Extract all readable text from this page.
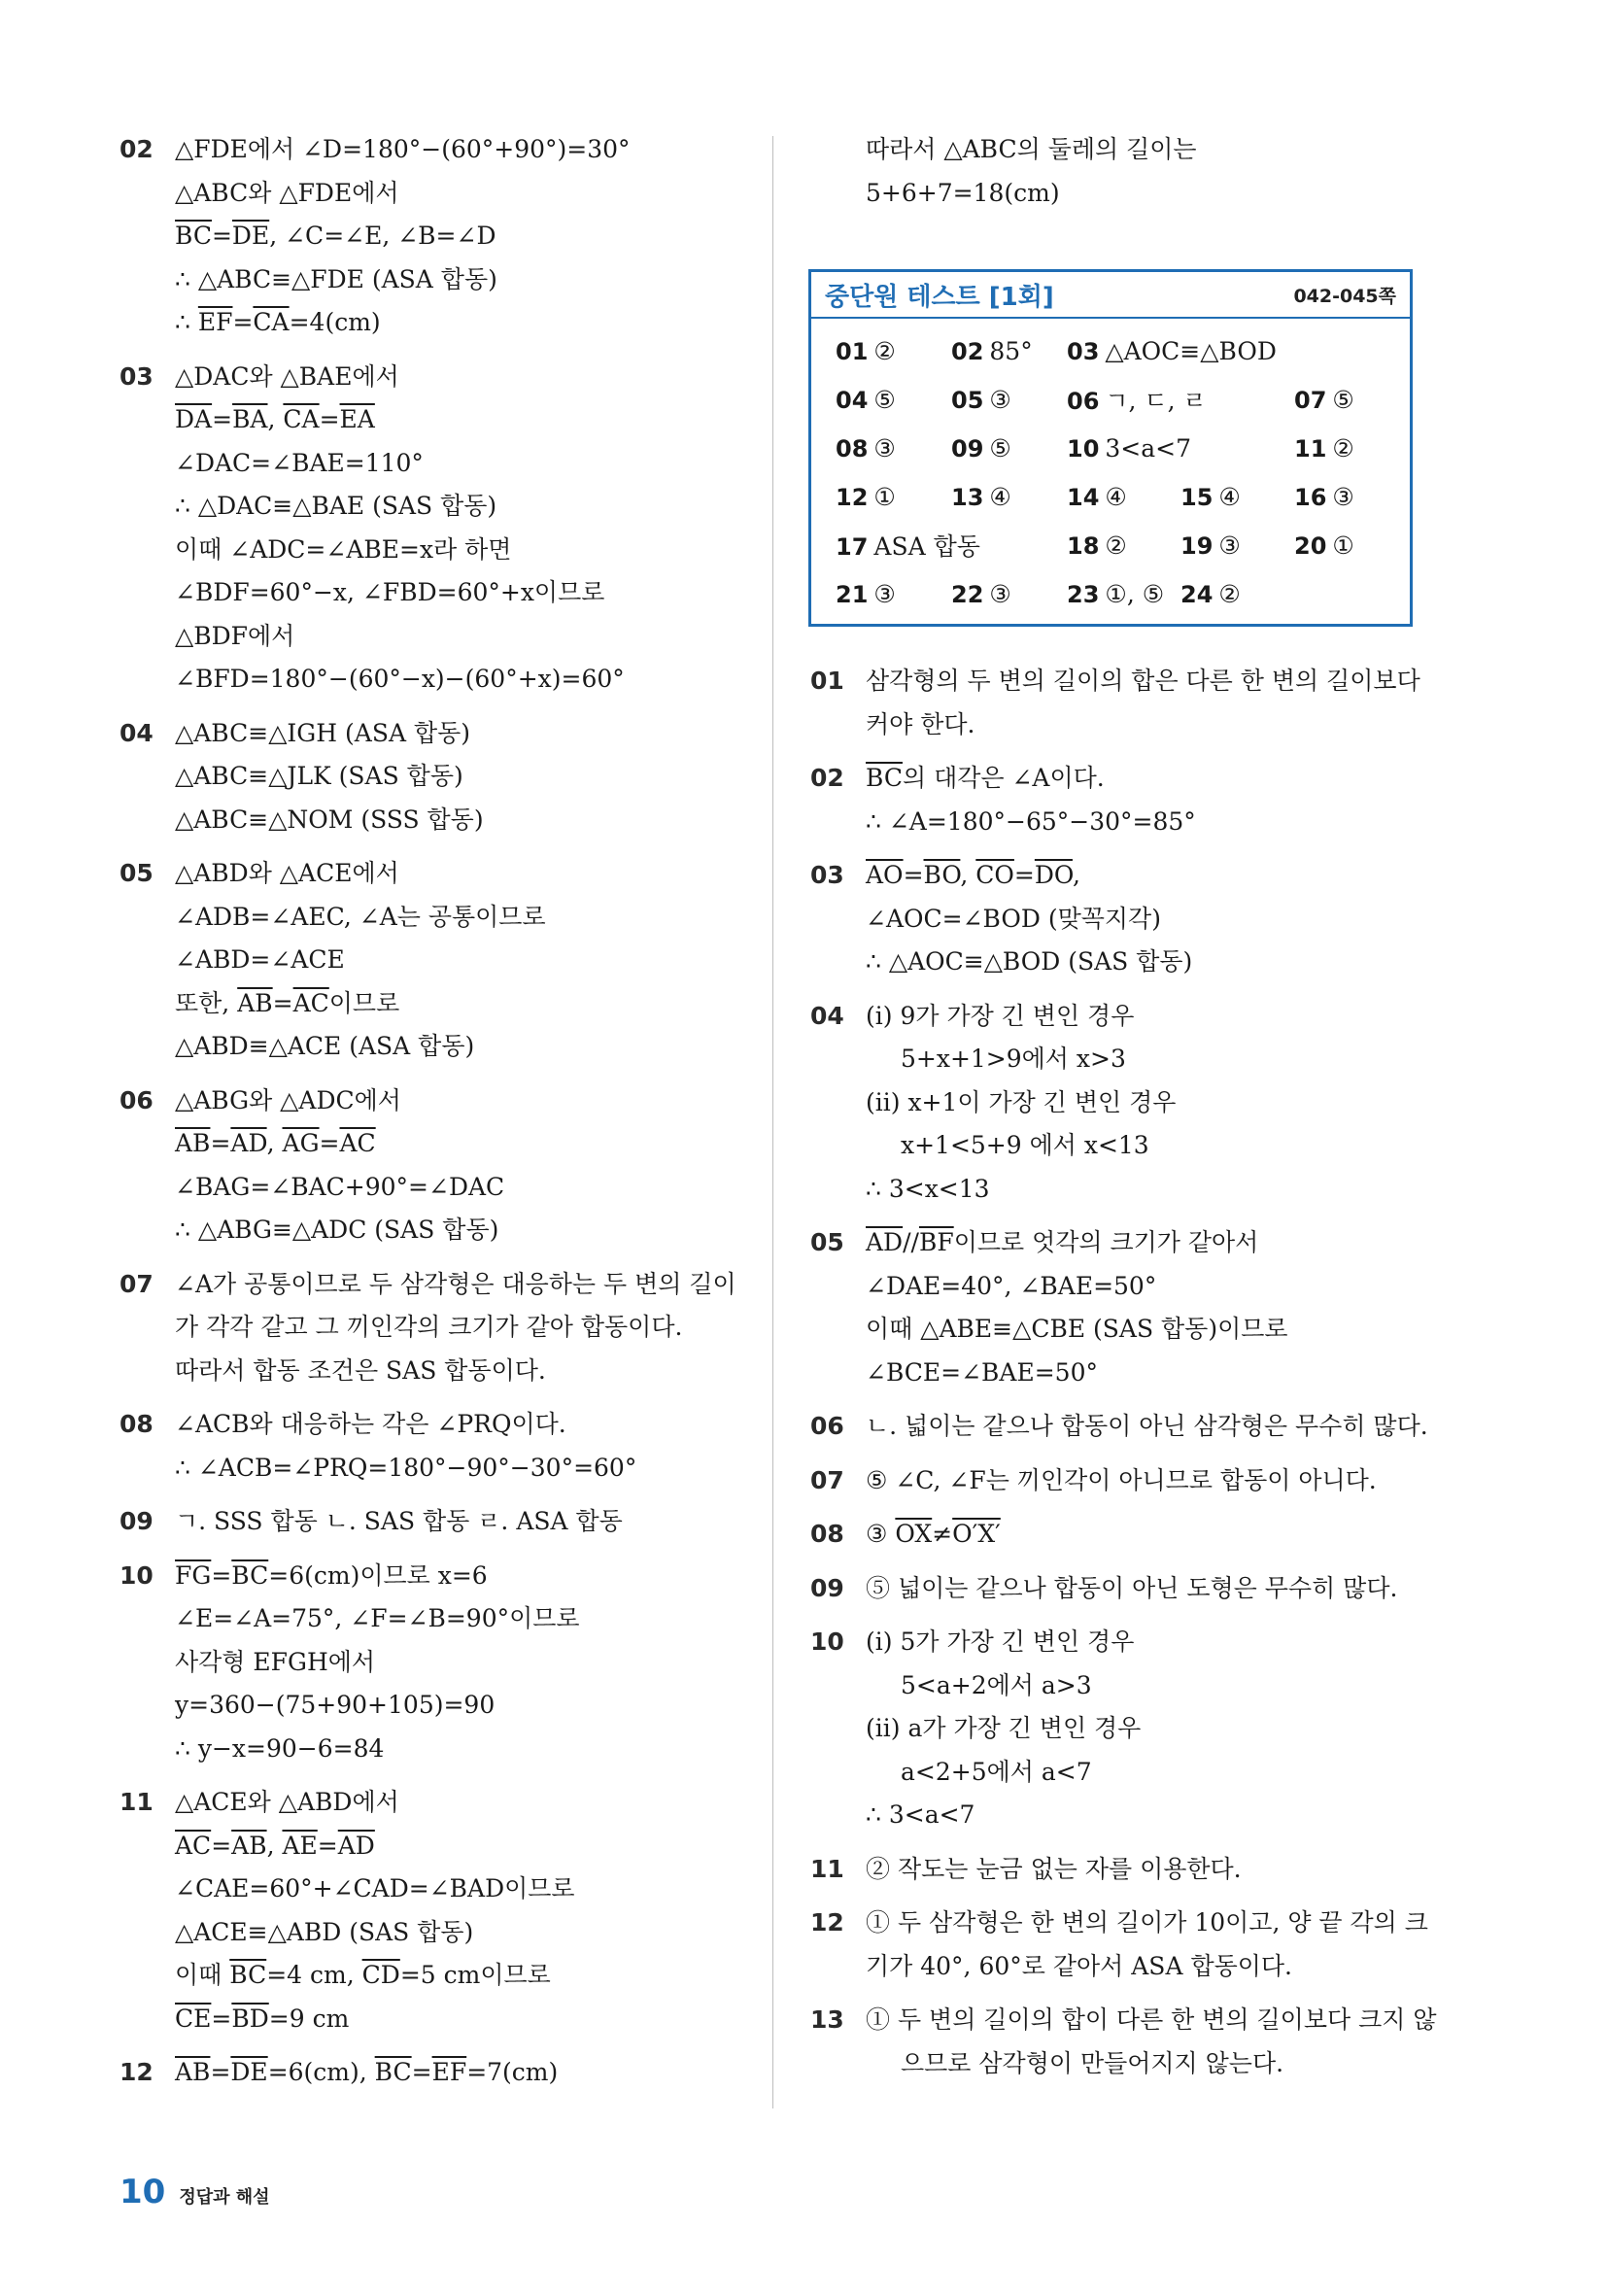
02 △FDE에서 ∠D=180°−(60°+90°)=30°
△ABC와 △FDE에서
$\overline{BC}=\overline{DE}$, ∠C=∠E, ∠B=∠D
∴ △ABC≡△FDE (ASA 합동)
∴ $\overline{EF}=\overline{CA}=4(cm)$
03 △DAC와 △BAE에서
$\overline{DA}=\overline{BA}$, $\overline{CA}=\overline{EA}$
∠DAC=∠BAE=110°
∴ △DAC≡△BAE (SAS 합동)
이때 ∠ADC=∠ABE=x라 하면
∠BDF=60°−x, ∠FBD=60°+x이므로
△BDF에서
∠BFD=180°−(60°−x)−(60°+x)=60°
04 △ABC≡△IGH (ASA 합동)
△ABC≡△JLK (SAS 합동)
△ABC≡△NOM (SSS 합동)
05 △ABD와 △ACE에서
∠ADB=∠AEC, ∠A는 공통이므로
∠ABD=∠ACE
또한, $\overline{AB}=\overline{AC}$이므로
△ABD≡△ACE (ASA 합동)
06 △ABG와 △ADC에서
$\overline{AB}=\overline{AD}$, $\overline{AG}=\overline{AC}$
∠BAG=∠BAC+90°=∠DAC
∴ △ABG≡△ADC (SAS 합동)
07 ∠A가 공통이므로 두 삼각형은 대응하는 두 변의 길이
가 각각 같고 그 끼인각의 크기가 같아 합동이다.
따라서 합동 조건은 SAS 합동이다.
08 ∠ACB와 대응하는 각은 ∠PRQ이다.
∴ ∠ACB=∠PRQ=180°−90°−30°=60°
09 ㄱ. SSS 합동 ㄴ. SAS 합동 ㄹ. ASA 합동
10 $\overline{FG}=\overline{BC}=6(cm)$이므로 x=6
∠E=∠A=75°, ∠F=∠B=90°이므로
사각형 EFGH에서
y=360−(75+90+105)=90
∴ y−x=90−6=84
11 △ACE와 △ABD에서
$\overline{AC}=\overline{AB}$, $\overline{AE}=\overline{AD}$
∠CAE=60°+∠CAD=∠BAD이므로
△ACE≡△ABD (SAS 합동)
이때 $\overline{BC}=4$ cm, $\overline{CD}=5$ cm이므로
$\overline{CE}=\overline{BD}=9$ cm
12 $\overline{AB}=\overline{DE}=6(cm)$, $\overline{BC}=\overline{EF}=7(cm)$
따라서 △ABC의 둘레의 길이는
5+6+7=18(cm)
중단원 테스트 [1회]	042-045쪽
01 ②	02 85°	03 △AOC≡△BOD
04 ⑤	05 ③	06 ㄱ, ㄷ, ㄹ	07 ⑤
08 ③	09 ⑤	10 3<a<7	11 ②
12 ①	13 ④	14 ④	15 ④	16 ③
17 ASA 합동	18 ②	19 ③	20 ①
21 ③	22 ③	23 ①, ⑤ 24 ②
01 삼각형의 두 변의 길이의 합은 다른 한 변의 길이보다
커야 한다.
02 $\overline{BC}$의 대각은 ∠A이다.
∴ ∠A=180°−65°−30°=85°
03 $\overline{AO}=\overline{BO}$, $\overline{CO}=\overline{DO}$,
∠AOC=∠BOD (맞꼭지각)
∴ △AOC≡△BOD (SAS 합동)
04 (ⅰ) 9가 가장 긴 변인 경우
5+x+1>9에서 x>3
(ⅱ) x+1이 가장 긴 변인 경우
x+1<5+9 에서 x<13
∴ 3<x<13
05 $\overline{AD}//\overline{BF}$이므로 엇각의 크기가 같아서
∠DAE=40°, ∠BAE=50°
이때 △ABE≡△CBE (SAS 합동)이므로
∠BCE=∠BAE=50°
06 ㄴ. 넓이는 같으나 합동이 아닌 삼각형은 무수히 많다.
07 ⑤ ∠C, ∠F는 끼인각이 아니므로 합동이 아니다.
08 ③ $\overline{OX}\ne O'X'$
09 ⑤ 넓이는 같으나 합동이 아닌 도형은 무수히 많다.
10 (ⅰ) 5가 가장 긴 변인 경우
5<a+2에서 a>3
(ⅱ) a가 가장 긴 변인 경우
a<2+5에서 a<7
∴ 3<a<7
11 ② 작도는 눈금 없는 자를 이용한다.
12 ① 두 삼각형은 한 변의 길이가 10이고, 양 끝 각의 크
기가 40°, 60°로 같아서 ASA 합동이다.
13 ① 두 변의 길이의 합이 다른 한 변의 길이보다 크지 않
으므로 삼각형이 만들어지지 않는다.
10 정답과 해설
